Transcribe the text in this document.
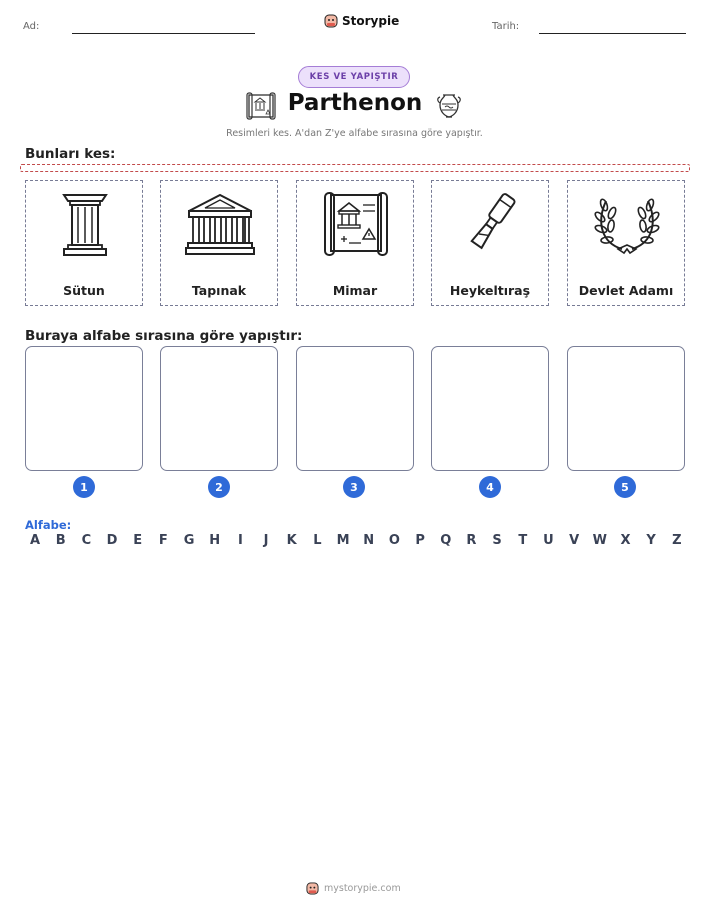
Ad:	Storypie	Tarih:
KES VE YAPIŞTIR
Parthenon
Resimleri kes. A'dan Z'ye alfabe sırasına göre yapıştır.
Bunları kes:
Sütun	Tapınak	Mimar	Heykeltıraş	Devlet Adamı
Buraya alfabe sırasına göre yapıştır:
1	2	3	4	5
Alfabe:
A B C D E F G H	I	J	K L M N O P Q R S T U V W X Y Z
mystorypie.com
